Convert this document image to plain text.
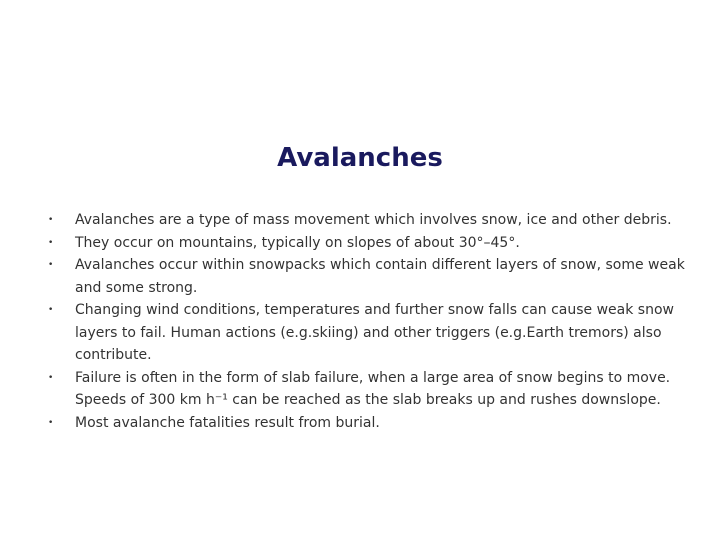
Avalanches
•	Avalanches are a type of mass movement which involves snow, ice and other debris.
•	They occur on mountains, typically on slopes of about 30°–45°.
•	Avalanches occur within snowpacks which contain different layers of snow, some weak and some strong.
•	Changing wind conditions, temperatures and further snow falls can cause weak snow layers to fail. Human actions (e.g.skiing) and other triggers (e.g.Earth tremors) also contribute.
•	Failure is often in the form of slab failure, when a large area of snow begins to move. Speeds of 300 km h⁻¹ can be reached as the slab breaks up and rushes downslope.
•	Most avalanche fatalities result from burial.
